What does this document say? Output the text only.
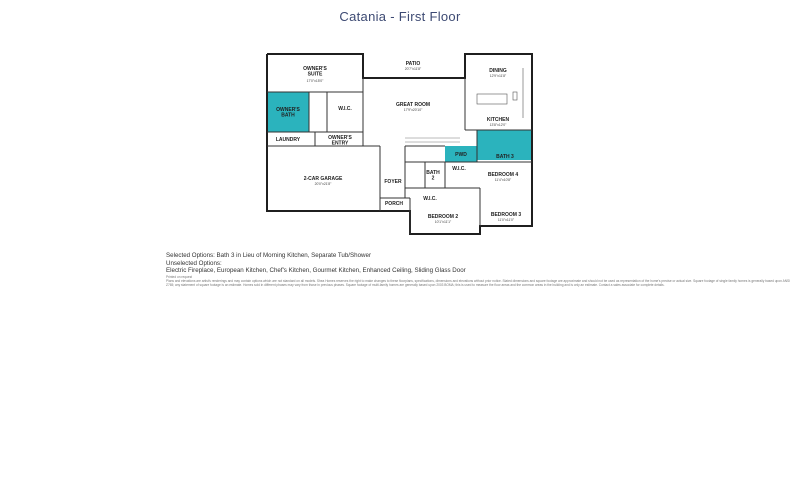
Catania - First Floor
OWNER'S SUITE
17'0"x15'0"
PATIO
20'7"x11'8"	DINING
12'9"x11'8"
OWNER'S BATH
W.I.C.
GREAT ROOM
17'9"x20'10"
KITCHEN
13'8"x12'0"
LAUNDRY	OWNER'S ENTRY
PWD	BATH 3
2-CAR GARAGE
20'0"x21'8"	FOYER
BATH 2
W.I.C.
BEDROOM 4
11'4"x10'8"
PORCH
W.I.C.
BEDROOM 2
10'1"x11'1"
BEDROOM 3
11'0"x11'0"
Selected Options: Bath 3 in Lieu of Morning Kitchen, Separate Tub/Shower
Unselected Options:
Electric Fireplace, European Kitchen, Chef's Kitchen, Gourmet Kitchen, Enhanced Ceiling, Sliding Glass Door
Printed on request
Plans and elevations are artist's renderings and may contain options which are not standard on all models. Shea Homes reserves the right to make changes to these floorplans, specifications, dimensions and elevations without prior notice. Stated dimensions and square footage are approximate and should not be used as representation of the home's precise or actual size. Square footage of single family homes is generally based upon ANSI
Z765; any statement of square footage is an estimate. Homes sold in different phases may vary from those in previous phases. Square footage of multi-family homes are generally based upon 2003 BOMA; this is used to measure the floor areas and the common areas in the building and is only an estimate. Contact a sales associate for complete details.
